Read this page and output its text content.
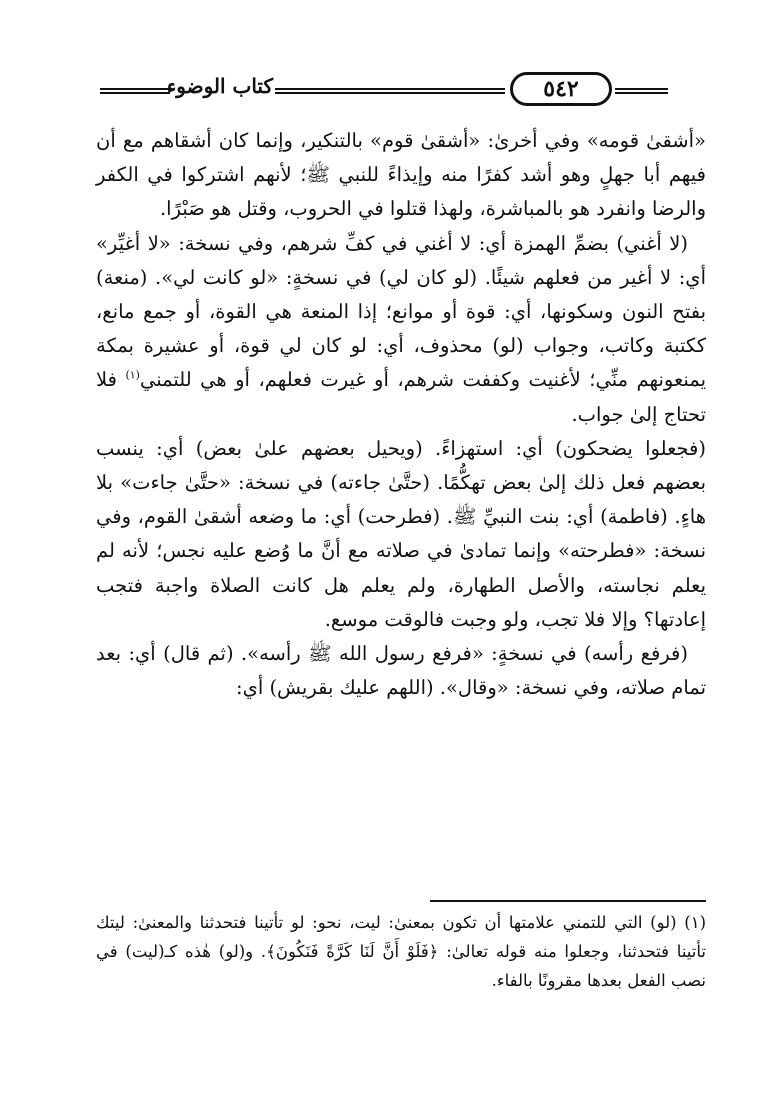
كتاب الوضوء	٥٤٢

«أشقىٰ قومه» وفي أخرىٰ: «أشقىٰ قوم» بالتنكير، وإنما كان أشقاهم مع أن فيهم أبا جهلٍ وهو أشد كفرًا منه وإيذاءً للنبي ﷺ؛ لأنهم اشتركوا في الكفر والرضا وانفرد هو بالمباشرة، ولهذا قتلوا في الحروب، وقتل هو صَبْرًا.

(لا أغني) بضمِّ الهمزة أي: لا أغني في كفِّ شرهم، وفي نسخة: «لا أغيِّر» أي: لا أغير من فعلهم شيئًا. (لو كان لي) في نسخةٍ: «لو كانت لي». (منعة) بفتح النون وسكونها، أي: قوة أو موانع؛ إذا المنعة هي القوة، أو جمع مانع، ككتبة وكاتب، وجواب (لو) محذوف، أي: لو كان لي قوة، أو عشيرة بمكة يمنعونهم منِّي؛ لأغنيت وكففت شرهم، أو غيرت فعلهم، أو هي للتمني$^{(١)}$ فلا تحتاج إلىٰ جواب.

(فجعلوا يضحكون) أي: استهزاءً. (ويحيل بعضهم علىٰ بعض) أي: ينسب بعضهم فعل ذلك إلىٰ بعض تهكُّمًا. (حتَّىٰ جاءته) في نسخة: «حتَّىٰ جاءت» بلا هاءٍ. (فاطمة) أي: بنت النبيِّ ﷺ. (فطرحت) أي: ما وضعه أشقىٰ القوم، وفي نسخة: «فطرحته» وإنما تمادىٰ في صلاته مع أنَّ ما وُضع عليه نجس؛ لأنه لم يعلم نجاسته، والأصل الطهارة، ولم يعلم هل كانت الصلاة واجبة فتجب إعادتها؟ وإلا فلا تجب، ولو وجبت فالوقت موسع.

(فرفع رأسه) في نسخةٍ: «فرفع رسول الله ﷺ رأسه». (ثم قال) أي: بعد تمام صلاته، وفي نسخة: «وقال». (اللهم عليك بقريش) أي:

(١) (لو) التي للتمني علامتها أن تكون بمعنىٰ: ليت، نحو: لو تأتينا فتحدثنا والمعنىٰ: ليتك تأتينا فتحدثنا، وجعلوا منه قوله تعالىٰ: ﴿فَلَوْ أَنَّ لَنَا كَرَّةً فَنَكُونَ﴾. و(لو) هٰذه كـ(ليت) في نصب الفعل بعدها مقرونًا بالفاء.
